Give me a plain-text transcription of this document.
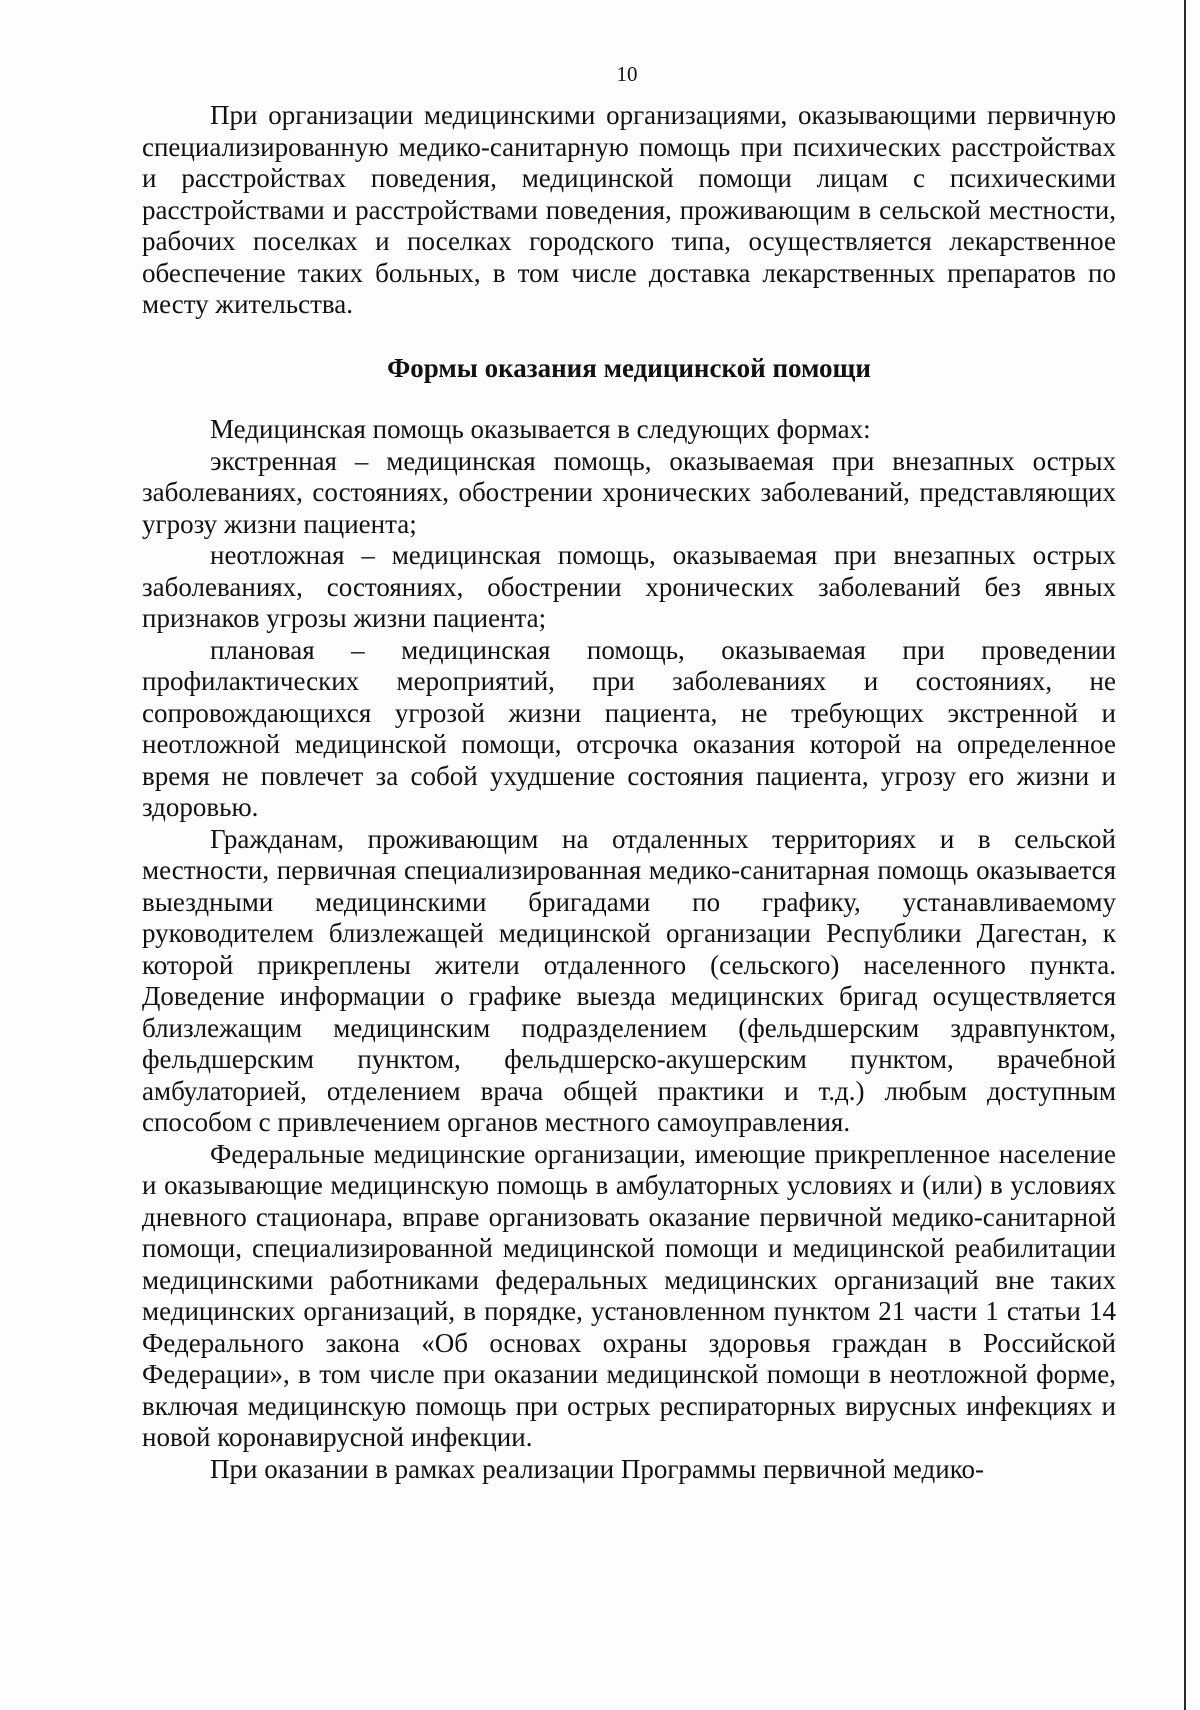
10

При организации медицинскими организациями, оказывающими первичную специализированную медико-санитарную помощь при психических расстройствах и расстройствах поведения, медицинской помощи лицам с психическими расстройствами и расстройствами поведения, проживающим в сельской местности, рабочих поселках и поселках городского типа, осуществляется лекарственное обеспечение таких больных, в том числе доставка лекарственных препаратов по месту жительства.

Формы оказания медицинской помощи

Медицинская помощь оказывается в следующих формах:

экстренная – медицинская помощь, оказываемая при внезапных острых заболеваниях, состояниях, обострении хронических заболеваний, представляющих угрозу жизни пациента;

неотложная – медицинская помощь, оказываемая при внезапных острых заболеваниях, состояниях, обострении хронических заболеваний без явных признаков угрозы жизни пациента;

плановая – медицинская помощь, оказываемая при проведении профилактических мероприятий, при заболеваниях и состояниях, не сопровождающихся угрозой жизни пациента, не требующих экстренной и неотложной медицинской помощи, отсрочка оказания которой на определенное время не повлечет за собой ухудшение состояния пациента, угрозу его жизни и здоровью.

Гражданам, проживающим на отдаленных территориях и в сельской местности, первичная специализированная медико-санитарная помощь оказывается выездными медицинскими бригадами по графику, устанавливаемому руководителем близлежащей медицинской организации Республики Дагестан, к которой прикреплены жители отдаленного (сельского) населенного пункта. Доведение информации о графике выезда медицинских бригад осуществляется близлежащим медицинским подразделением (фельдшерским здравпунктом, фельдшерским пунктом, фельдшерско-акушерским пунктом, врачебной амбулаторией, отделением врача общей практики и т.д.) любым доступным способом с привлечением органов местного самоуправления.

Федеральные медицинские организации, имеющие прикрепленное население и оказывающие медицинскую помощь в амбулаторных условиях и (или) в условиях дневного стационара, вправе организовать оказание первичной медико-санитарной помощи, специализированной медицинской помощи и медицинской реабилитации медицинскими работниками федеральных медицинских организаций вне таких медицинских организаций, в порядке, установленном пунктом 21 части 1 статьи 14 Федерального закона «Об основах охраны здоровья граждан в Российской Федерации», в том числе при оказании медицинской помощи в неотложной форме, включая медицинскую помощь при острых респираторных вирусных инфекциях и новой коронавирусной инфекции.

При оказании в рамках реализации Программы первичной медико-
